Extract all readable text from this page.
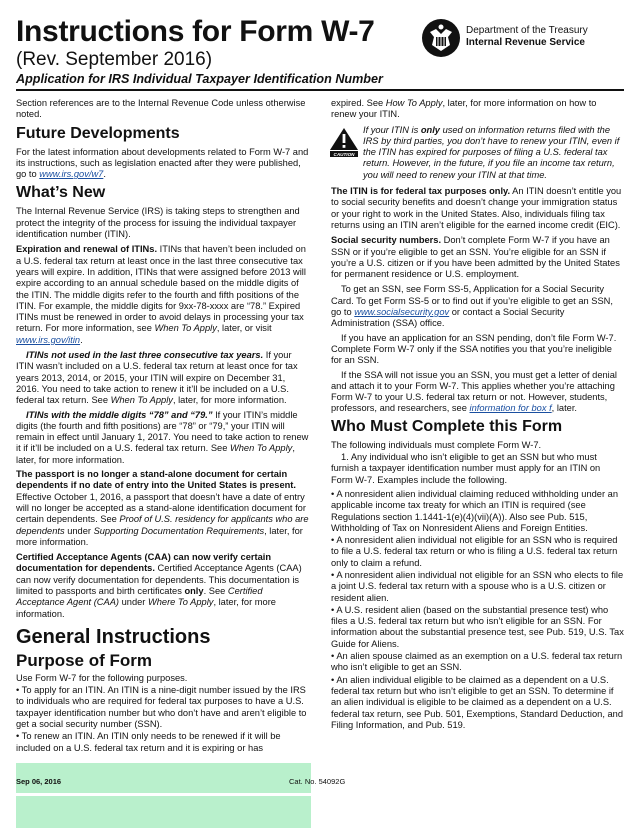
Instructions for Form W-7
(Rev. September 2016)
Application for IRS Individual Taxpayer Identification Number
Department of the Treasury
Internal Revenue Service

Section references are to the Internal Revenue Code unless otherwise noted.

Future Developments

For the latest information about developments related to Form W-7 and its instructions, such as legislation enacted after they were published, go to www.irs.gov/w7.

What’s New

The Internal Revenue Service (IRS) is taking steps to strengthen and protect the integrity of the process for issuing the individual taxpayer identification number (ITIN).

Expiration and renewal of ITINs. ITINs that haven’t been included on a U.S. federal tax return at least once in the last three consecutive tax years will expire. In addition, ITINs that were assigned before 2013 will expire according to an annual schedule based on the middle digits of the ITIN. The middle digits refer to the fourth and fifth positions of the ITIN. For example, the middle digits for 9xx-78-xxxx are “78.” Expired ITINs must be renewed in order to avoid delays in processing your tax return. For more information, see When To Apply, later, or visit www.irs.gov/itin.

ITINs not used in the last three consecutive tax years. If your ITIN wasn’t included on a U.S. federal tax return at least once for tax years 2013, 2014, or 2015, your ITIN will expire on December 31, 2016. You need to take action to renew it it’ll be included on a U.S. federal tax return. See When To Apply, later, for more information.

ITINs with the middle digits “78” and “79.” If your ITIN’s middle digits (the fourth and fifth positions) are “78” or “79,” your ITIN will remain in effect until January 1, 2017. You need to take action to renew it if it’ll be included on a U.S. federal tax return. See When To Apply, later, for more information.

The passport is no longer a stand-alone document for certain dependents if no date of entry into the United States is present. Effective October 1, 2016, a passport that doesn’t have a date of entry will no longer be accepted as a stand-alone identification document for certain dependents. See Proof of U.S. residency for applicants who are dependents under Supporting Documentation Requirements, later, for more information.

Certified Acceptance Agents (CAA) can now verify certain documentation for dependents. Certified Acceptance Agents (CAA) can now verify documentation for dependents. This documentation is limited to passports and birth certificates only. See Certified Acceptance Agent (CAA) under Where To Apply, later, for more information.

General Instructions
Purpose of Form

Use Form W-7 for the following purposes.

• To apply for an ITIN. An ITIN is a nine-digit number issued by the IRS to individuals who are required for federal tax purposes to have a U.S. taxpayer identification number but who don’t have and aren’t eligible to get a social security number (SSN).

• To renew an ITIN. An ITIN only needs to be renewed if it will be included on a U.S. federal tax return and it is expiring or has

expired. See How To Apply, later, for more information on how to renew your ITIN.

CAUTION
If your ITIN is only used on information returns filed with the IRS by third parties, you don’t have to renew your ITIN, even if the ITIN has expired for purposes of filing a U.S. federal tax return. However, in the future, if you file an income tax return, you will need to renew your ITIN at that time.

The ITIN is for federal tax purposes only. An ITIN doesn’t entitle you to social security benefits and doesn’t change your immigration status or your right to work in the United States. Also, individuals filing tax returns using an ITIN aren’t eligible for the earned income credit (EIC).

Social security numbers. Don’t complete Form W-7 if you have an SSN or if you’re eligible to get an SSN. You’re eligible for an SSN if you’re a U.S. citizen or if you have been admitted by the United States for permanent residence or U.S. employment.

To get an SSN, see Form SS-5, Application for a Social Security Card. To get Form SS-5 or to find out if you’re eligible to get an SSN, go to www.socialsecurity.gov or contact a Social Security Administration (SSA) office.

If you have an application for an SSN pending, don’t file Form W-7. Complete Form W-7 only if the SSA notifies you that you’re ineligible for an SSN.

If the SSA will not issue you an SSN, you must get a letter of denial and attach it to your Form W-7. This applies whether you’re attaching Form W-7 to your U.S. federal tax return or not. However, students, professors, and researchers, see information for box f, later.

Who Must Complete this Form

The following individuals must complete Form W-7.

1. Any individual who isn’t eligible to get an SSN but who must furnish a taxpayer identification number must apply for an ITIN on Form W-7. Examples include the following.

• A nonresident alien individual claiming reduced withholding under an applicable income tax treaty for which an ITIN is required (see Regulations section 1.1441-1(e)(4)(vii)(A)). Also see Pub. 515, Withholding of Tax on Nonresident Aliens and Foreign Entities.

• A nonresident alien individual not eligible for an SSN who is required to file a U.S. federal tax return or who is filing a U.S. federal tax return only to claim a refund.

• A nonresident alien individual not eligible for an SSN who elects to file a joint U.S. federal tax return with a spouse who is a U.S. citizen or resident alien.

• A U.S. resident alien (based on the substantial presence test) who files a U.S. federal tax return but who isn’t eligible for an SSN. For information about the substantial presence test, see Pub. 519, U.S. Tax Guide for Aliens.

• An alien spouse claimed as an exemption on a U.S. federal tax return who isn’t eligible to get an SSN.

• An alien individual eligible to be claimed as a dependent on a U.S. federal tax return but who isn’t eligible to get an SSN. To determine if an alien individual is eligible to be claimed as a dependent on a U.S. federal tax return, see Pub. 501, Exemptions, Standard Deduction, and Filing Information, and Pub. 519.

Sep 06, 2016	Cat. No. 54092G
